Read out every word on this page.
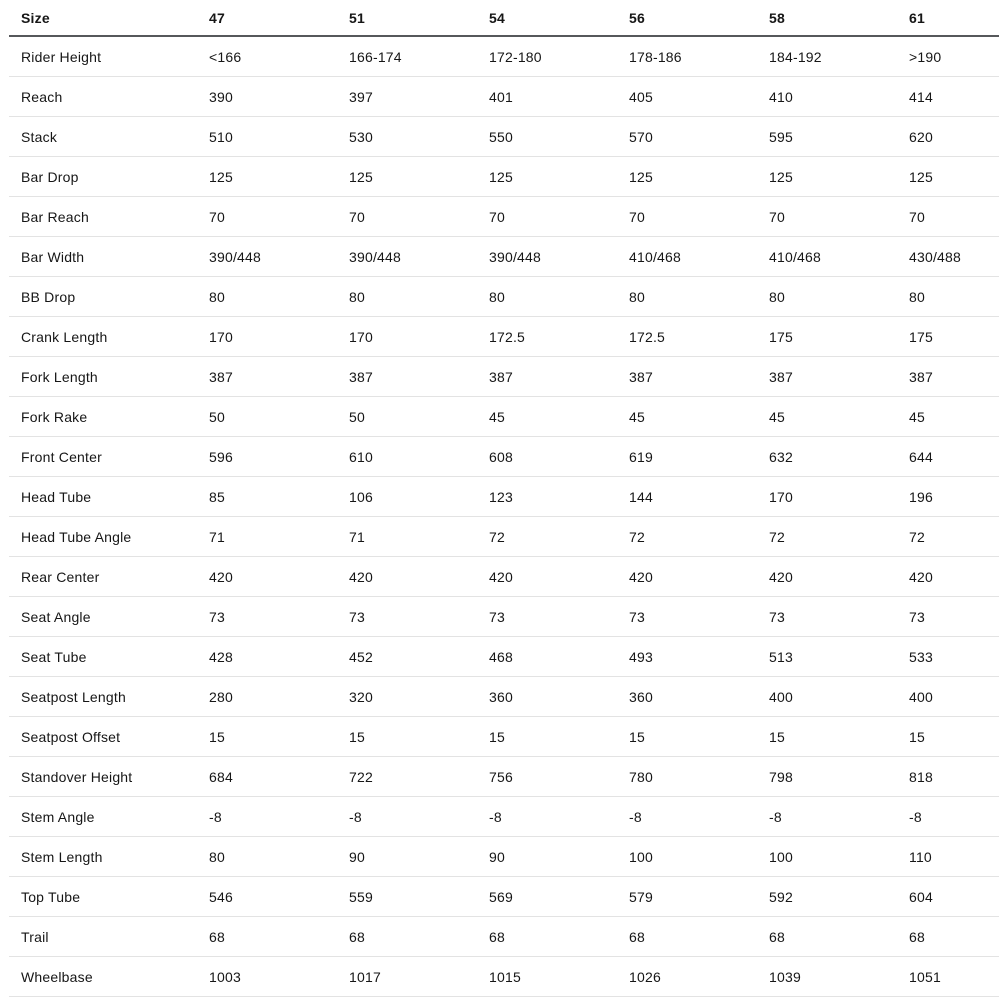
Size	47	51	54	56	58	61
Rider Height	<166	166-174	172-180	178-186	184-192	>190
Reach	390	397	401	405	410	414
Stack	510	530	550	570	595	620
Bar Drop	125	125	125	125	125	125
Bar Reach	70	70	70	70	70	70
Bar Width	390/448	390/448	390/448	410/468	410/468	430/488
BB Drop	80	80	80	80	80	80
Crank Length	170	170	172.5	172.5	175	175
Fork Length	387	387	387	387	387	387
Fork Rake	50	50	45	45	45	45
Front Center	596	610	608	619	632	644
Head Tube	85	106	123	144	170	196
Head Tube Angle	71	71	72	72	72	72
Rear Center	420	420	420	420	420	420
Seat Angle	73	73	73	73	73	73
Seat Tube	428	452	468	493	513	533
Seatpost Length	280	320	360	360	400	400
Seatpost Offset	15	15	15	15	15	15
Standover Height	684	722	756	780	798	818
Stem Angle	-8	-8	-8	-8	-8	-8
Stem Length	80	90	90	100	100	110
Top Tube	546	559	569	579	592	604
Trail	68	68	68	68	68	68
Wheelbase	1003	1017	1015	1026	1039	1051
